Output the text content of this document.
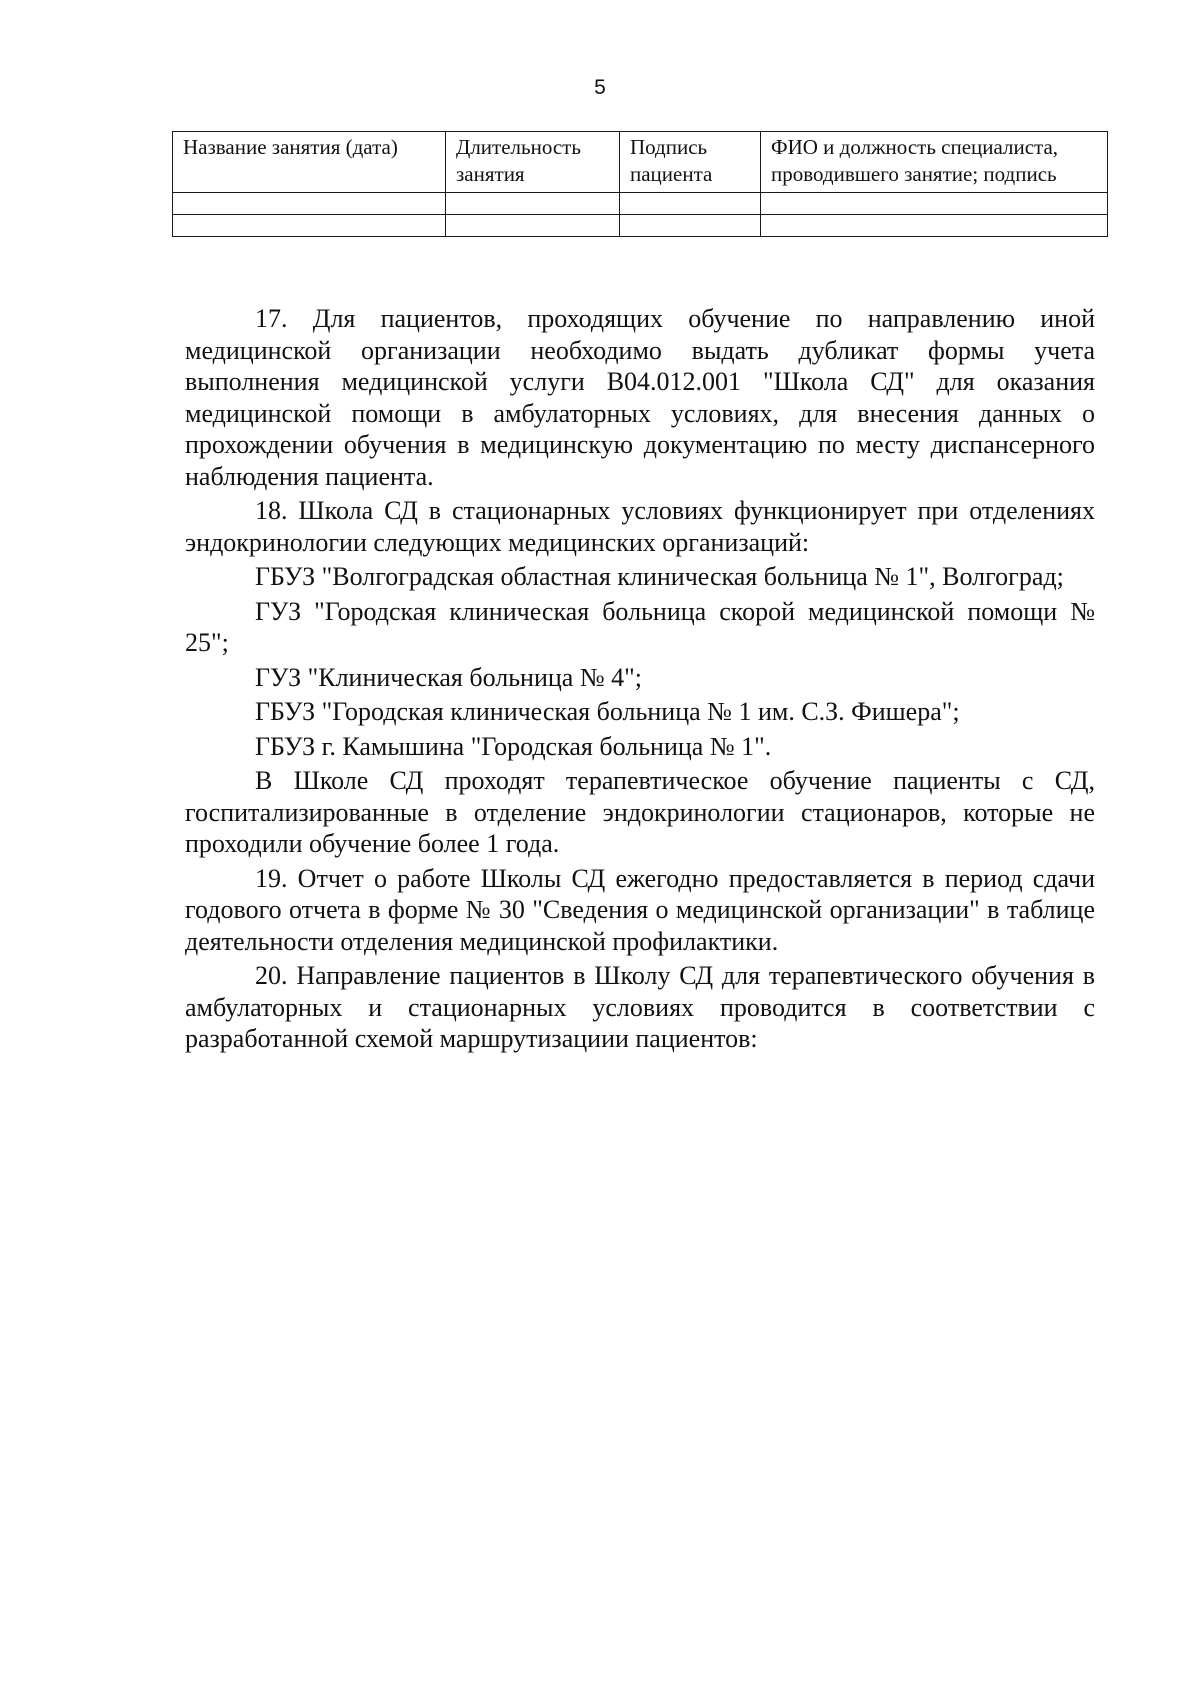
5
Название занятия (дата)	Длительность занятия	Подпись пациента	ФИО и должность специалиста, проводившего занятие; подпись

17. Для пациентов, проходящих обучение по направлению иной медицинской организации необходимо выдать дубликат формы учета выполнения медицинской услуги В04.012.001 "Школа СД" для оказания медицинской помощи в амбулаторных условиях, для внесения данных о прохождении обучения в медицинскую документацию по месту диспансерного наблюдения пациента.

18. Школа СД в стационарных условиях функционирует при отделениях эндокринологии следующих медицинских организаций:

ГБУЗ "Волгоградская областная клиническая больница № 1", Волгоград;

ГУЗ "Городская клиническая больница скорой медицинской помощи № 25";

ГУЗ "Клиническая больница № 4";

ГБУЗ "Городская клиническая больница № 1 им. С.З. Фишера";

ГБУЗ г. Камышина "Городская больница № 1".

В Школе СД проходят терапевтическое обучение пациенты с СД, госпитализированные в отделение эндокринологии стационаров, которые не проходили обучение более 1 года.

19. Отчет о работе Школы СД ежегодно предоставляется в период сдачи годового отчета в форме № 30 "Сведения о медицинской организации" в таблице деятельности отделения медицинской профилактики.

20. Направление пациентов в Школу СД для терапевтического обучения в амбулаторных и стационарных условиях проводится в соответствии с разработанной схемой маршрутизациии пациентов:
